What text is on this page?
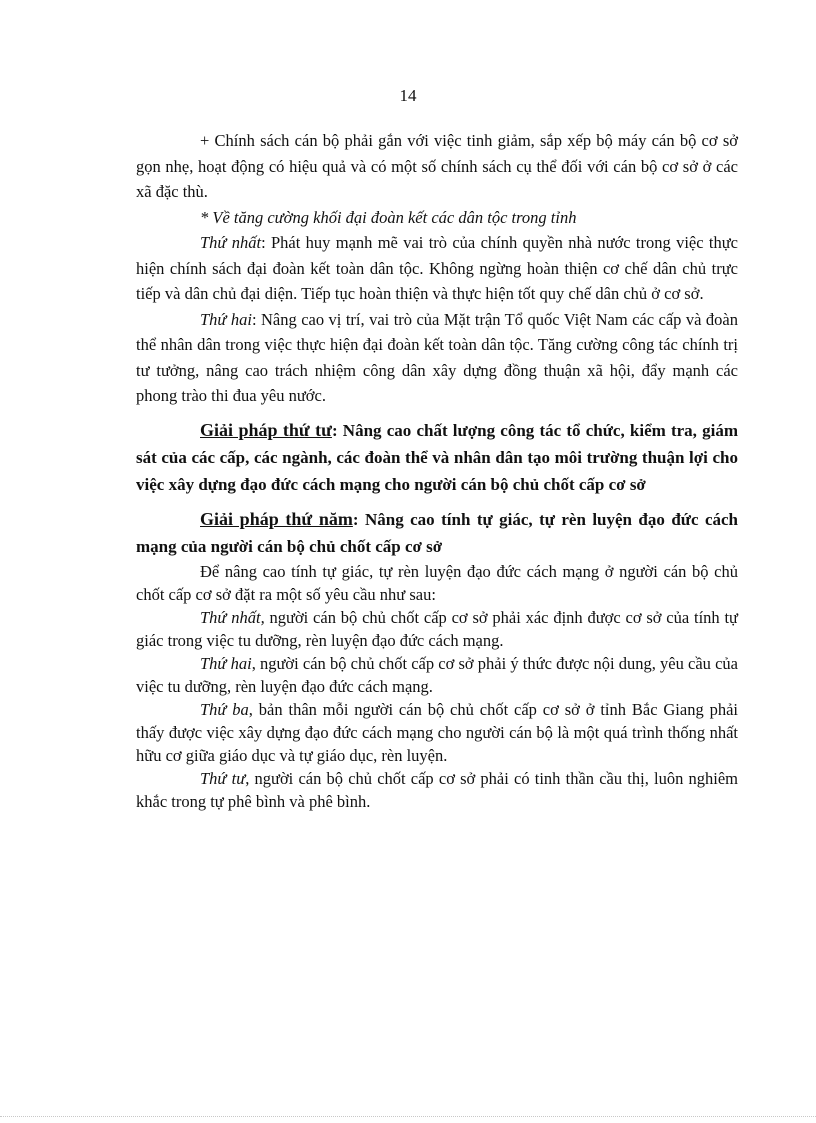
14

+ Chính sách cán bộ phải gắn với việc tinh giảm, sắp xếp bộ máy cán bộ cơ sở gọn nhẹ, hoạt động có hiệu quả và có một số chính sách cụ thể đối với cán bộ cơ sở ở các xã đặc thù.

* Về tăng cường khối đại đoàn kết các dân tộc trong tỉnh

Thứ nhất: Phát huy mạnh mẽ vai trò của chính quyền nhà nước trong việc thực hiện chính sách đại đoàn kết toàn dân tộc. Không ngừng hoàn thiện cơ chế dân chủ trực tiếp và dân chủ đại diện. Tiếp tục hoàn thiện và thực hiện tốt quy chế dân chủ ở cơ sở.

Thứ hai: Nâng cao vị trí, vai trò của Mặt trận Tổ quốc Việt Nam các cấp và đoàn thể nhân dân trong việc thực hiện đại đoàn kết toàn dân tộc. Tăng cường công tác chính trị tư tưởng, nâng cao trách nhiệm công dân xây dựng đồng thuận xã hội, đẩy mạnh các phong trào thi đua yêu nước.

Giải pháp thứ tư: Nâng cao chất lượng công tác tổ chức, kiểm tra, giám sát của các cấp, các ngành, các đoàn thể và nhân dân tạo môi trường thuận lợi cho việc xây dựng đạo đức cách mạng cho người cán bộ chủ chốt cấp cơ sở

Giải pháp thứ năm: Nâng cao tính tự giác, tự rèn luyện đạo đức cách mạng của người cán bộ chủ chốt cấp cơ sở

Để nâng cao tính tự giác, tự rèn luyện đạo đức cách mạng ở người cán bộ chủ chốt cấp cơ sở đặt ra một số yêu cầu như sau:

Thứ nhất, người cán bộ chủ chốt cấp cơ sở phải xác định được cơ sở của tính tự giác trong việc tu dưỡng, rèn luyện đạo đức cách mạng.

Thứ hai, người cán bộ chủ chốt cấp cơ sở phải ý thức được nội dung, yêu cầu của việc tu dưỡng, rèn luyện đạo đức cách mạng.

Thứ ba, bản thân mỗi người cán bộ chủ chốt cấp cơ sở ở tỉnh Bắc Giang phải thấy được việc xây dựng đạo đức cách mạng cho người cán bộ là một quá trình thống nhất hữu cơ giữa giáo dục và tự giáo dục, rèn luyện.

Thứ tư, người cán bộ chủ chốt cấp cơ sở phải có tinh thần cầu thị, luôn nghiêm khắc trong tự phê bình và phê bình.
